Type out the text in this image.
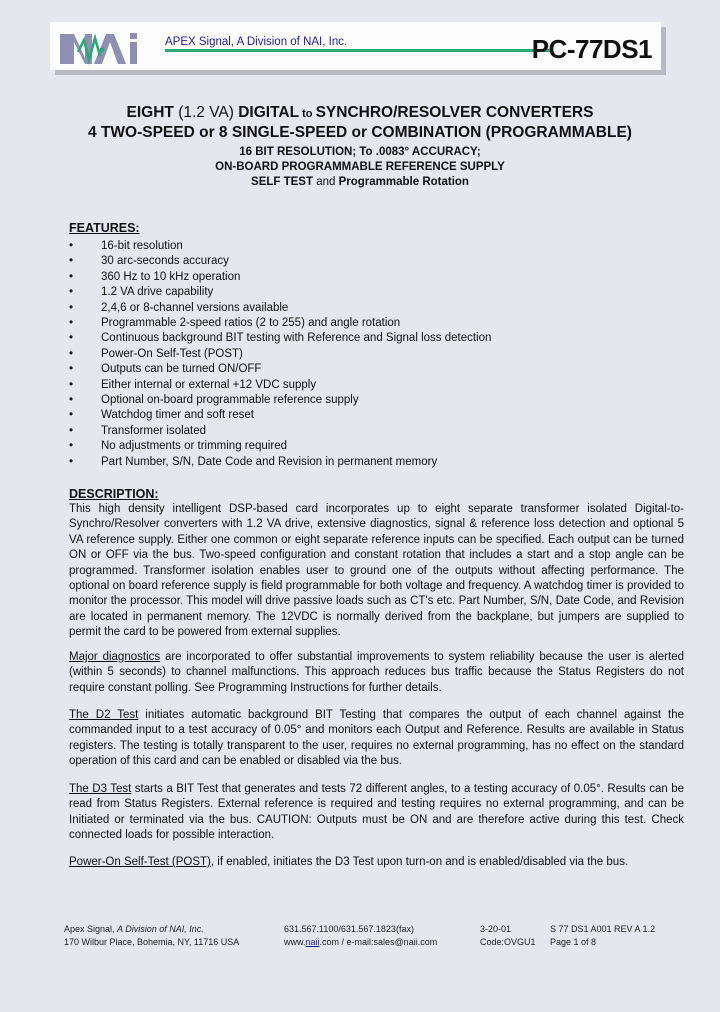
APEX Signal, A Division of NAI, Inc.	PC-77DS1
EIGHT (1.2 VA) DIGITAL to SYNCHRO/RESOLVER CONVERTERS
4 TWO-SPEED or 8 SINGLE-SPEED or COMBINATION (PROGRAMMABLE)
16 BIT RESOLUTION; To .0083° ACCURACY;
ON-BOARD PROGRAMMABLE REFERENCE SUPPLY
SELF TEST and Programmable Rotation
FEATURES:
• 16-bit resolution
• 30 arc-seconds accuracy
• 360 Hz to 10 kHz operation
• 1.2 VA drive capability
• 2,4,6 or 8-channel versions available
• Programmable 2-speed ratios (2 to 255) and angle rotation
• Continuous background BIT testing with Reference and Signal loss detection
• Power-On Self-Test (POST)
• Outputs can be turned ON/OFF
• Either internal or external +12 VDC supply
• Optional on-board programmable reference supply
• Watchdog timer and soft reset
• Transformer isolated
• No adjustments or trimming required
• Part Number, S/N, Date Code and Revision in permanent memory
DESCRIPTION:

This high density intelligent DSP-based card incorporates up to eight separate transformer isolated Digital-to-Synchro/Resolver converters with 1.2 VA drive, extensive diagnostics, signal & reference loss detection and optional 5 VA reference supply. Either one common or eight separate reference inputs can be specified. Each output can be turned ON or OFF via the bus. Two-speed configuration and constant rotation that includes a start and a stop angle can be programmed. Transformer isolation enables user to ground one of the outputs without affecting performance. The optional on board reference supply is field programmable for both voltage and frequency. A watchdog timer is provided to monitor the processor. This model will drive passive loads such as CT's etc. Part Number, S/N, Date Code, and Revision are located in permanent memory. The 12VDC is normally derived from the backplane, but jumpers are supplied to permit the card to be powered from external supplies.

Major diagnostics are incorporated to offer substantial improvements to system reliability because the user is alerted (within 5 seconds) to channel malfunctions. This approach reduces bus traffic because the Status Registers do not require constant polling. See Programming Instructions for further details.

The D2 Test initiates automatic background BIT Testing that compares the output of each channel against the commanded input to a test accuracy of 0.05° and monitors each Output and Reference. Results are available in Status registers. The testing is totally transparent to the user, requires no external programming, has no effect on the standard operation of this card and can be enabled or disabled via the bus.

The D3 Test starts a BIT Test that generates and tests 72 different angles, to a testing accuracy of 0.05°. Results can be read from Status Registers. External reference is required and testing requires no external programming, and can be Initiated or terminated via the bus. CAUTION: Outputs must be ON and are therefore active during this test. Check connected loads for possible interaction.

Power-On Self-Test (POST), if enabled, initiates the D3 Test upon turn-on and is enabled/disabled via the bus.

Apex Signal, A Division of NAI, Inc.
170 Wilbur Place, Bohemia, NY, 11716 USA
631.567.1100/631.567.1823(fax)
www.naii.com / e-mail:sales@naii.com
3-20-01
Code:OVGU1
S 77 DS1 A001 REV A 1.2
Page 1 of 8
